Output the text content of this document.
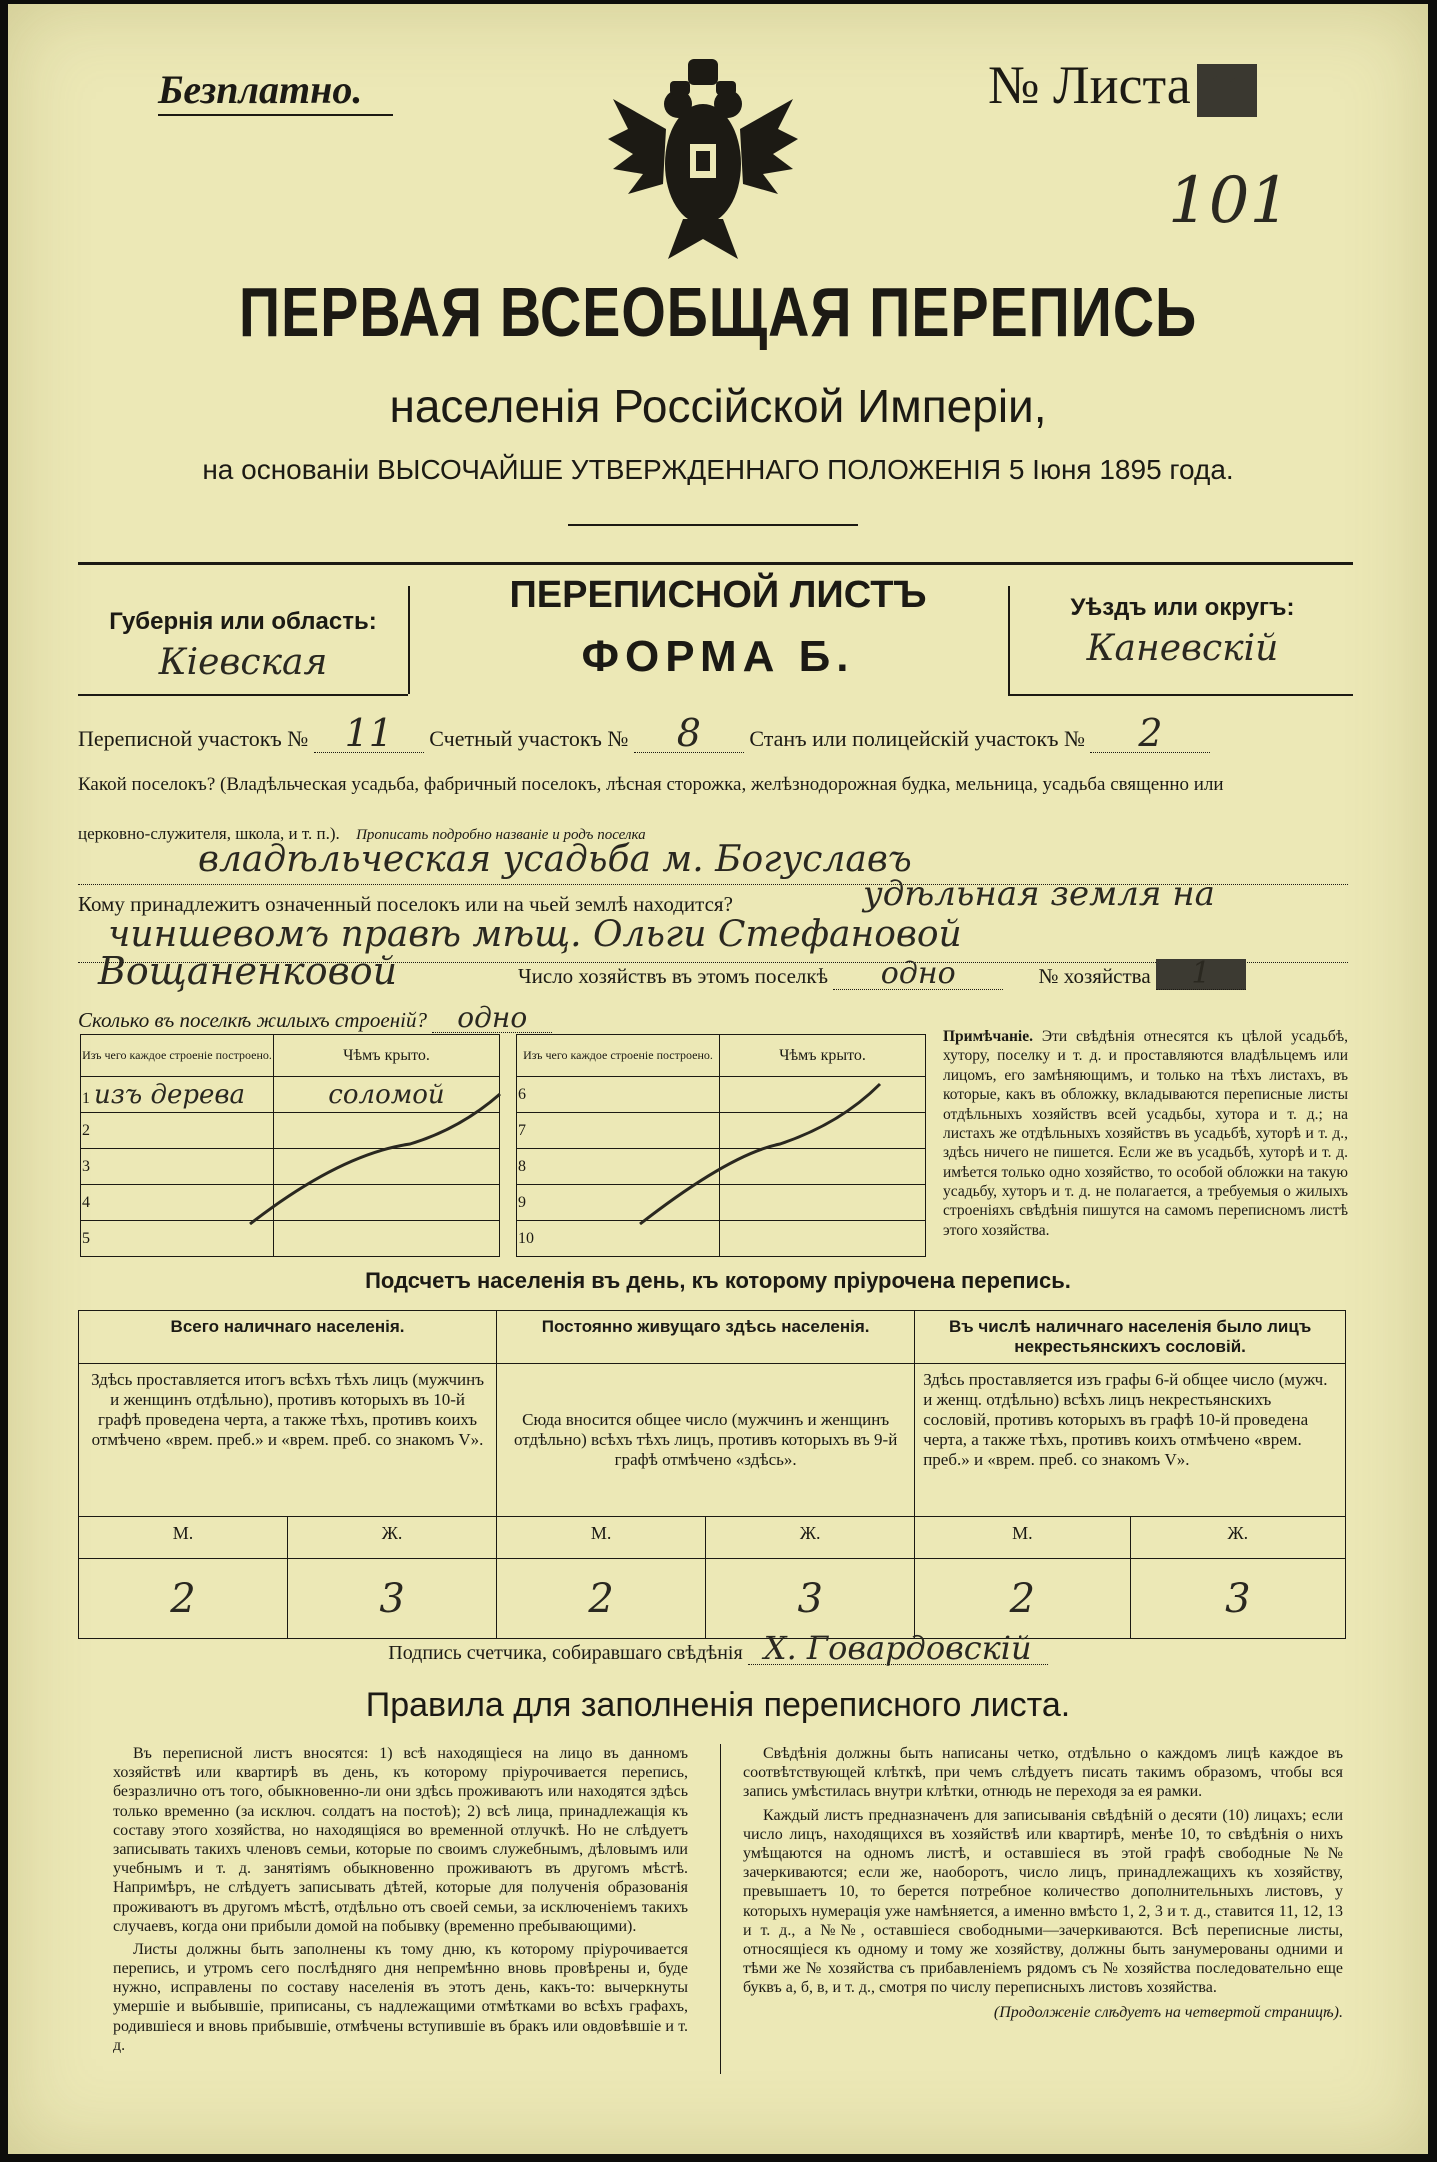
Безплатно.	№ Листа 11
101
ПЕРВАЯ ВСЕОБЩАЯ ПЕРЕПИСЬ
населенія Россійской Имперіи,
на основаніи ВЫСОЧАЙШЕ УТВЕРЖДЕННАГО ПОЛОЖЕНІЯ 5 Іюня 1895 года.
Губернія или область:
Кіевская
ПЕРЕПИСНОЙ ЛИСТЪ
ФОРМА Б.
Уѣздъ или округъ:
Каневскій
Переписной участокъ № 11 Счетный участокъ № 8 Станъ или полицейскій участокъ № 2
Какой поселокъ? (Владѣльческая усадьба, фабричный поселокъ, лѣсная сторожка, желѣзнодорожная будка, мельница, усадьба священно или
церковно-служителя, школа, и т. п.). Прописать подробно названіе и родъ поселка
владѣльческая усадьба м. Богуславъ
Кому принадлежитъ означенный поселокъ или на чьей землѣ находится?	удѣльная земля на
чиншевомъ правѣ мѣщ. Ольги Стефановой
Вощаненковой	Число хозяйствъ въ этомъ поселкѣ одно	№ хозяйства 1
Сколько въ поселкѣ жилыхъ строеній? одно
Изъ чего каждое строеніе построено.	Чѣмъ крыто.
1 изъ дерева	соломой
2	
3	
4	
5	
Изъ чего каждое строеніе построено.	Чѣмъ крыто.
6	
7	
8	
9	
10	
Примѣчаніе. Эти свѣдѣнія отнесятся къ цѣлой усадьбѣ, хутору, поселку и т. д. и проставляются владѣльцемъ или лицомъ, его замѣняющимъ, и только на тѣхъ листахъ, въ которые, какъ въ обложку, вкладываются переписные листы отдѣльныхъ хозяйствъ всей усадьбы, хутора и т. д.; на листахъ же отдѣльныхъ хозяйствъ въ усадьбѣ, хуторѣ и т. д., здѣсь ничего не пишется. Если же въ усадьбѣ, хуторѣ и т. д. имѣется только одно хозяйство, то особой обложки на такую усадьбу, хуторъ и т. д. не полагается, а требуемыя о жилыхъ строеніяхъ свѣдѣнія пишутся на самомъ переписномъ листѣ этого хозяйства.
Подсчетъ населенія въ день, къ которому пріурочена перепись.
Всего наличнаго населенія.		Постоянно живущаго здѣсь населенія.		Въ числѣ наличнаго населенія было лицъ некрестьянскихъ сословій.	
Здѣсь проставляется итогъ всѣхъ тѣхъ лицъ (мужчинъ и женщинъ отдѣльно), противъ которыхъ въ 10-й графѣ проведена черта, а также тѣхъ, противъ коихъ отмѣчено «врем. преб.» и «врем. преб. со знакомъ V».		Сюда вносится общее число (мужчинъ и женщинъ отдѣльно) всѣхъ тѣхъ лицъ, противъ которыхъ въ 9-й графѣ отмѣчено «здѣсь».		Здѣсь проставляется изъ графы 6-й общее число (мужч. и женщ. отдѣльно) всѣхъ лицъ некрестьянскихъ сословій, противъ которыхъ въ графѣ 10-й проведена черта, а также тѣхъ, противъ коихъ отмѣчено «врем. преб.» и «врем. преб. со знакомъ V».	
М.	Ж.	М.	Ж.	М.	Ж.
2	3	2	3	2	3
Подпись счетчика, собиравшаго свѣдѣнія Х. Говардовскій
Правила для заполненія переписного листа.

Въ переписной листъ вносятся: 1) всѣ находящіеся на лицо въ данномъ хозяйствѣ или квартирѣ въ день, къ которому пріурочивается перепись, безразлично отъ того, обыкновенно-ли они здѣсь проживаютъ или находятся здѣсь только временно (за исключ. солдатъ на постоѣ); 2) всѣ лица, принадлежащія къ составу этого хозяйства, но находящіяся во временной отлучкѣ. Но не слѣдуетъ записывать такихъ членовъ семьи, которые по своимъ служебнымъ, дѣловымъ или учебнымъ и т. д. занятіямъ обыкновенно проживаютъ въ другомъ мѣстѣ. Напримѣръ, не слѣдуетъ записывать дѣтей, которые для полученія образованія проживаютъ въ другомъ мѣстѣ, отдѣльно отъ своей семьи, за исключеніемъ такихъ случаевъ, когда они прибыли домой на побывку (временно пребывающими).

Листы должны быть заполнены къ тому дню, къ которому пріурочивается перепись, и утромъ сего послѣдняго дня непремѣнно вновь провѣрены и, буде нужно, исправлены по составу населенія въ этотъ день, какъ-то: вычеркнуты умершіе и выбывшіе, приписаны, съ надлежащими отмѣтками во всѣхъ графахъ, родившіеся и вновь прибывшіе, отмѣчены вступившіе въ бракъ или овдовѣвшіе и т. д.

Свѣдѣнія должны быть написаны четко, отдѣльно о каждомъ лицѣ каждое въ соотвѣтствующей клѣткѣ, при чемъ слѣдуетъ писать такимъ образомъ, чтобы вся запись умѣстилась внутри клѣтки, отнюдь не переходя за ея рамки.

Каждый листъ предназначенъ для записыванія свѣдѣній о десяти (10) лицахъ; если число лицъ, находящихся въ хозяйствѣ или квартирѣ, менѣе 10, то свѣдѣнія о нихъ умѣщаются на одномъ листѣ, и оставшіеся въ этой графѣ свободные №№ зачеркиваются; если же, наоборотъ, число лицъ, принадлежащихъ къ хозяйству, превышаетъ 10, то берется потребное количество дополнительныхъ листовъ, у которыхъ нумерація уже намѣняется, а именно вмѣсто 1, 2, 3 и т. д., ставится 11, 12, 13 и т. д., а №№, оставшіеся свободными—зачеркиваются. Всѣ переписные листы, относящіеся къ одному и тому же хозяйству, должны быть занумерованы одними и тѣми же № хозяйства съ прибавленіемъ рядомъ съ № хозяйства последовательно еще буквъ а, б, в, и т. д., смотря по числу переписныхъ листовъ хозяйства.

(Продолженіе слѣдуетъ на четвертой страницѣ).
